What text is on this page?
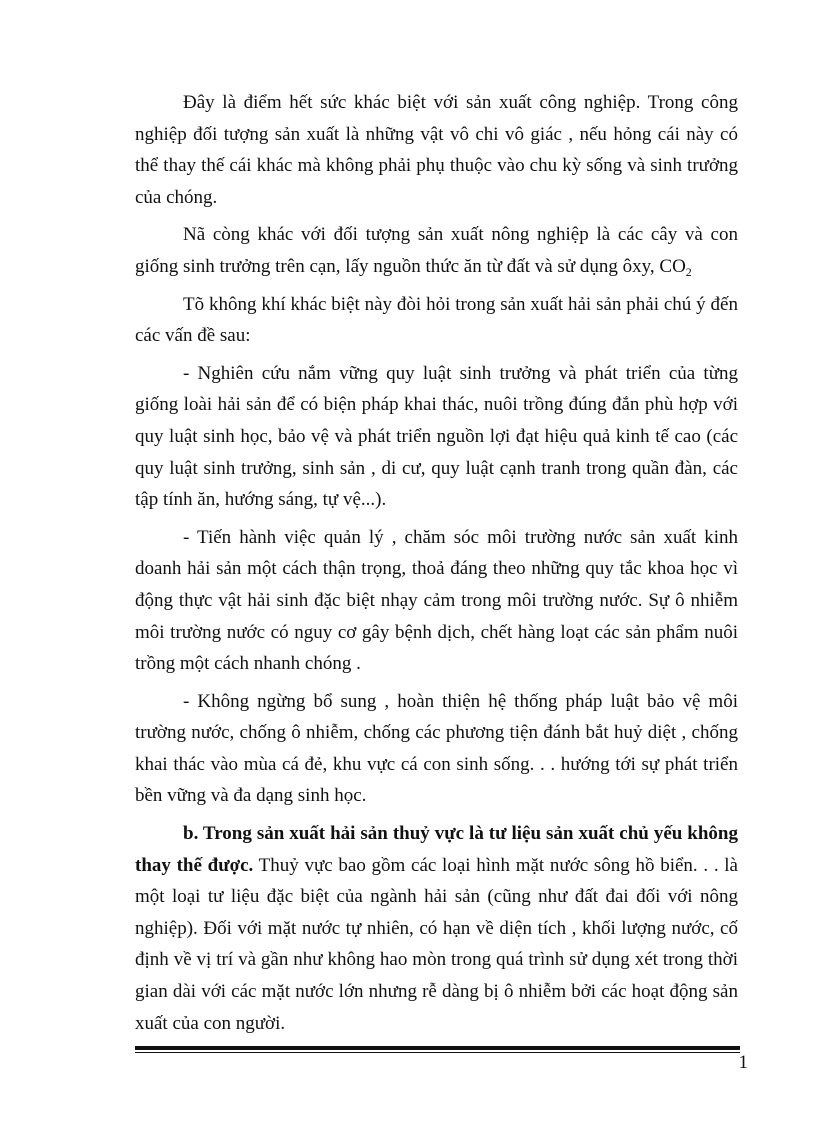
Đây là điểm hết sức khác biệt với sản xuất công nghiệp. Trong công nghiệp đối tượng sản xuất là những vật vô chi vô giác , nếu hỏng cái này có thể thay thế cái khác mà không phải phụ thuộc vào chu kỳ sống và sinh trưởng của chóng.

Nã còng khác với đối tượng sản xuất nông nghiệp là các cây và con giống sinh trưởng trên cạn, lấy nguồn thức ăn từ đất và sử dụng ôxy, $CO_2$

Tõ không khí khác biệt này đòi hỏi trong sản xuất hải sản phải chú ý đến các vấn đề sau:

- Nghiên cứu nắm vững quy luật sinh trưởng và phát triển của từng giống loài hải sản để có biện pháp khai thác, nuôi trồng đúng đắn phù hợp với quy luật sinh học, bảo vệ và phát triển nguồn lợi đạt hiệu quả kinh tế cao (các quy luật sinh trưởng, sinh sản , di cư, quy luật cạnh tranh trong quần đàn, các tập tính ăn, hướng sáng, tự vệ...).

- Tiến hành việc quản lý , chăm sóc môi trường nước sản xuất kinh doanh hải sản một cách thận trọng, thoả đáng theo những quy tắc khoa học vì động thực vật hải sinh đặc biệt nhạy cảm trong môi trường nước. Sự ô nhiễm môi trường nước có nguy cơ gây bệnh dịch, chết hàng loạt các sản phẩm nuôi trồng một cách nhanh chóng .

- Không ngừng bổ sung , hoàn thiện hệ thống pháp luật bảo vệ môi trường nước, chống ô nhiễm, chống các phương tiện đánh bắt huỷ diệt , chống khai thác vào mùa cá đẻ, khu vực cá con sinh sống. . . hướng tới sự phát triển bền vững và đa dạng sinh học.

b. Trong sản xuất hải sản thuỷ vực là tư liệu sản xuất chủ yếu không thay thế được. Thuỷ vực bao gồm các loại hình mặt nước sông hồ biển. . . là một loại tư liệu đặc biệt của ngành hải sản (cũng như đất đai đối với nông nghiệp). Đối với mặt nước tự nhiên, có hạn về diện tích , khối lượng nước, cố định về vị trí và gần như không hao mòn trong quá trình sử dụng xét trong thời gian dài với các mặt nước lớn nhưng rễ dàng bị ô nhiễm bởi các hoạt động sản xuất của con người.

1
